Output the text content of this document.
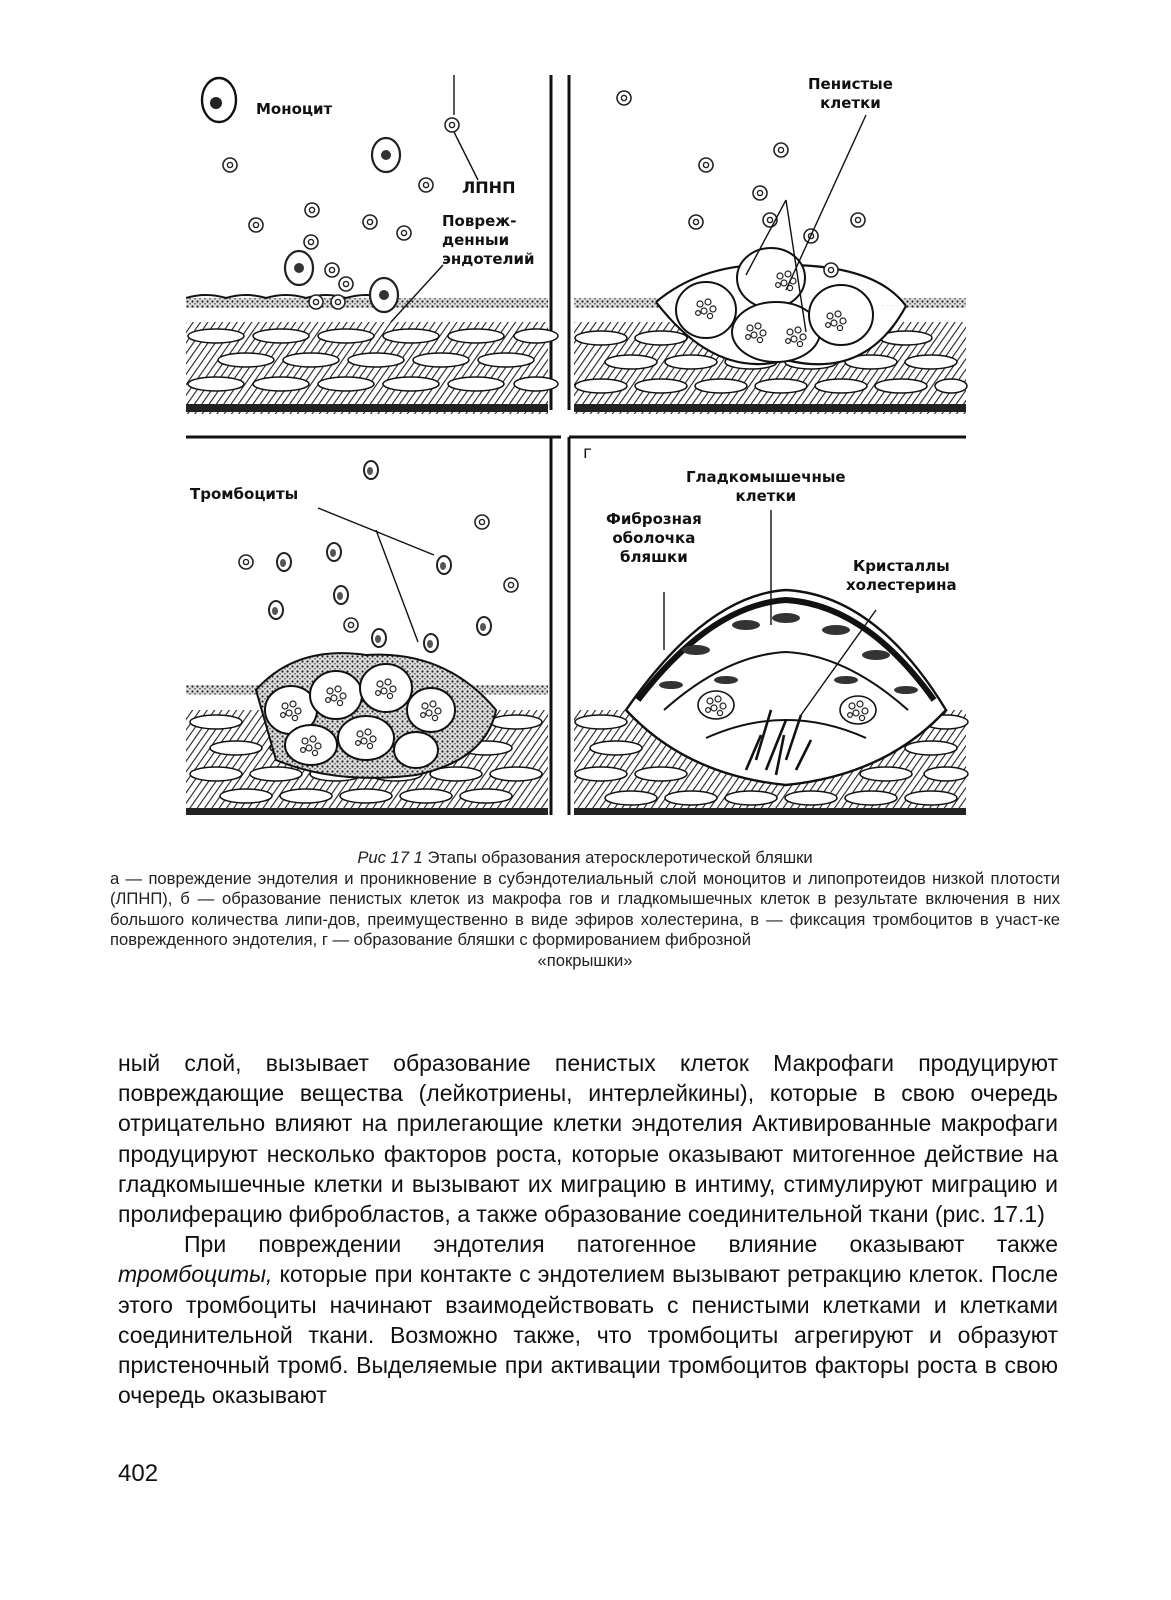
Моноцит
ЛПНП
Повреж-
денныи
эндотелий
Пенистые
клетки
Тромбоциты
г
Гладкомышечные
клетки
Фиброзная
оболочка
бляшки	Кристаллы
холестерина
Рис 17 1 Этапы образования атеросклеротической бляшки
а — повреждение эндотелия и проникновение в субэндотелиальный слой моноцитов и липопротеидов низкой плотости (ЛПНП), б — образование пенистых клеток из макрофа гов и гладкомышечных клеток в результате включения в них большого количества липи-дов, преимущественно в виде эфиров холестерина, в — фиксация тромбоцитов в участ-ке поврежденного эндотелия, г — образование бляшки с формированием фиброзной
«покрышки»

ный слой, вызывает образование пенистых клеток Макрофаги продуцируют повреждающие вещества (лейкотриены, интерлейкины), которые в свою очередь отрицательно влияют на прилегающие клетки эндотелия Активированные макрофаги продуцируют несколько факторов роста, которые оказывают митогенное действие на гладкомышечные клетки и вызывают их миграцию в интиму, стимулируют миграцию и пролиферацию фибробластов, а также образование соединительной ткани (рис. 17.1)

При повреждении эндотелия патогенное влияние оказывают также тромбоциты, которые при контакте с эндотелием вызывают ретракцию клеток. После этого тромбоциты начинают взаимодействовать с пенистыми клетками и клетками соединительной ткани. Возможно также, что тромбоциты агрегируют и образуют пристеночный тромб. Выделяемые при активации тромбоцитов факторы роста в свою очередь оказывают

402
